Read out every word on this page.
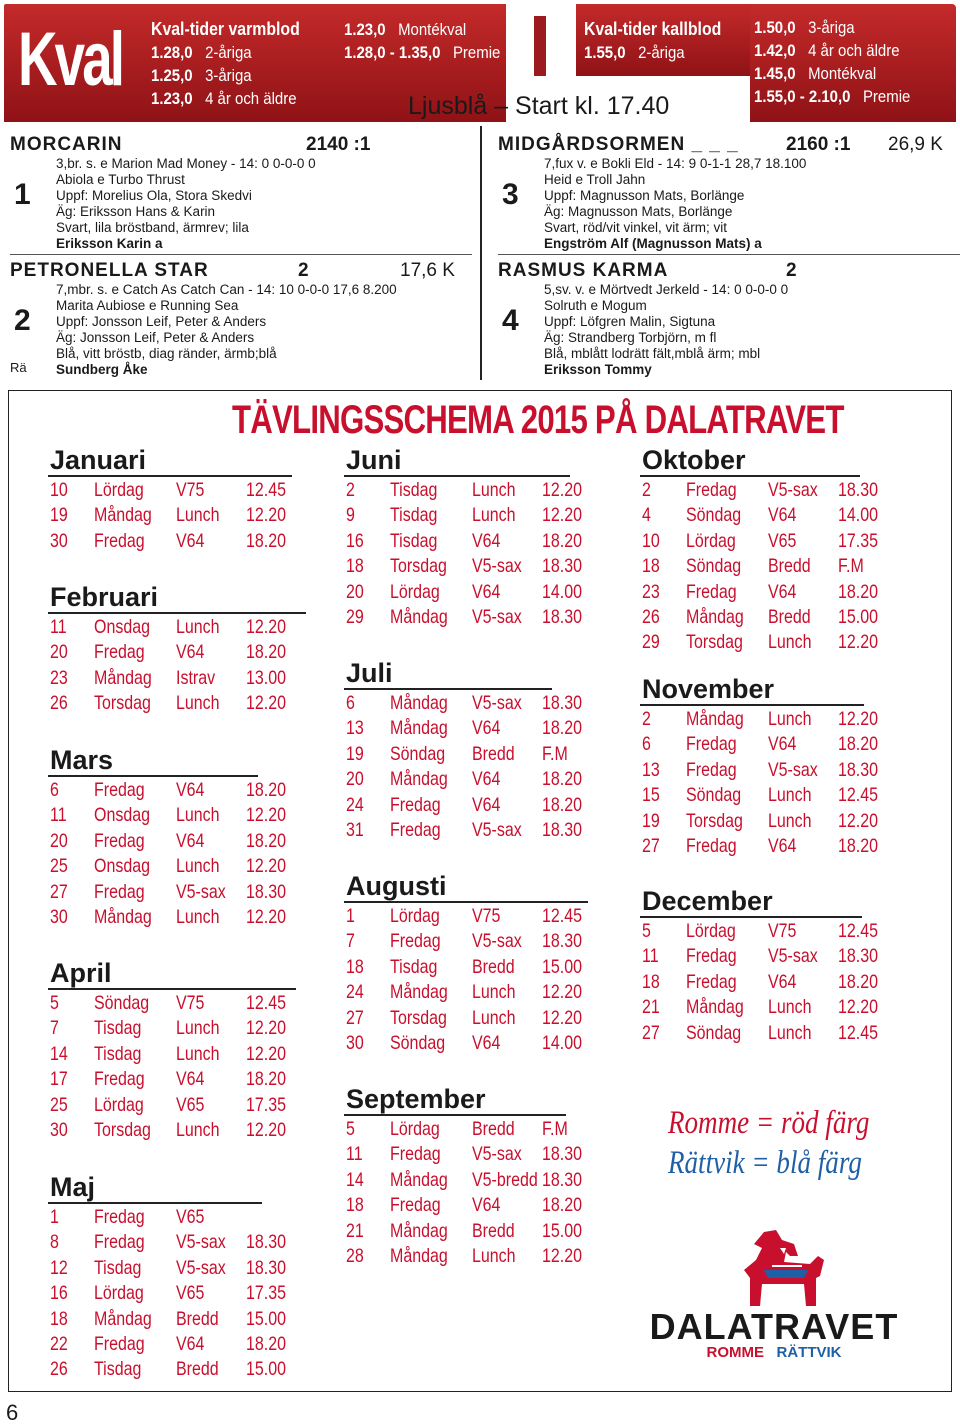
Kval Kval-tider varmblod
1.28,0 2-åriga
1.25,0 3-åriga
1.23,0 4 år och äldre
1.23,0 Montékval
1.28,0 - 1.35,0 Premie
Kval-tider kallblod
1.55,0 2-åriga
1.50,0 3-åriga
1.42,0 4 år och äldre
1.45,0 Montékval
1.55,0 - 2.10,0 Premie
Ljusblå – Start kl. 17.40
MORCARIN	2140 :1
1
3,br. s. e Marion Mad Money - 14: 0 0-0-0 0
Abiola e Turbo Thrust
Uppf: Morelius Ola, Stora Skedvi
Äg: Eriksson Hans & Karin
Svart, lila bröstband, ärmrev; lila
Eriksson Karin a
MIDGÅRDSORMEN _ _ _ 2160 :1 26,9 K
3
7,fux v. e Bokli Eld - 14: 9 0-1-1 28,7 18.100
Heid e Troll Jahn
Uppf: Magnusson Mats, Borlänge
Äg: Magnusson Mats, Borlänge
Svart, röd/vit vinkel, vit ärm; vit
Engström Alf (Magnusson Mats) a
PETRONELLA STAR	2	17,6 K
2
Rä
7,mbr. s. e Catch As Catch Can - 14: 10 0-0-0 17,6 8.200
Marita Aubiose e Running Sea
Uppf: Jonsson Leif, Peter & Anders
Äg: Jonsson Leif, Peter & Anders
Blå, vitt bröstb, diag ränder, ärmb;blå
Sundberg Åke
RASMUS KARMA	2
4
5,sv. v. e Mörtvedt Jerkeld - 14: 0 0-0-0 0
Solruth e Mogum
Uppf: Löfgren Malin, Sigtuna
Äg: Strandberg Torbjörn, m fl
Blå, mblått lodrätt fält,mblå ärm; mbl
Eriksson Tommy
TÄVLINGSSCHEMA 2015 PÅ DALATRAVET
Januari
10 Lördag V75 12.45
19 Måndag Lunch 12.20
30 Fredag V64 18.20
Februari
11 Onsdag Lunch 12.20
20 Fredag V64 18.20
23 Måndag Istrav 13.00
26 Torsdag Lunch 12.20
Mars
6 Fredag V64 18.20
11 Onsdag Lunch 12.20
20 Fredag V64 18.20
25 Onsdag Lunch 12.20
27 Fredag V5-sax 18.30
30 Måndag Lunch 12.20
April
5 Söndag V75 12.45
7 Tisdag Lunch 12.20
14 Tisdag Lunch 12.20
17 Fredag V64 18.20
25 Lördag V65 17.35
30 Torsdag Lunch 12.20
Maj
1 Fredag V65
8 Fredag V5-sax 18.30
12 Tisdag V5-sax 18.30
16 Lördag V65 17.35
18 Måndag Bredd 15.00
22 Fredag V64 18.20
26 Tisdag Bredd 15.00
Juni
2 Tisdag Lunch 12.20
9 Tisdag Lunch 12.20
16 Tisdag V64 18.20
18 Torsdag V5-sax 18.30
20 Lördag V64 14.00
29 Måndag V5-sax 18.30
Juli
6 Måndag V5-sax 18.30
13 Måndag V64 18.20
19 Söndag Bredd F.M
20 Måndag V64 18.20
24 Fredag V64 18.20
31 Fredag V5-sax 18.30
Augusti
1 Lördag V75 12.45
7 Fredag V5-sax 18.30
18 Tisdag Bredd 15.00
24 Måndag Lunch 12.20
27 Torsdag Lunch 12.20
30 Söndag V64 14.00
September
5 Lördag Bredd F.M
11 Fredag V5-sax 18.30
14 Måndag V5-bredd 18.30
18 Fredag V64 18.20
21 Måndag Bredd 15.00
28 Måndag Lunch 12.20
Oktober
2 Fredag V5-sax 18.30
4 Söndag V64 14.00
10 Lördag V65 17.35
18 Söndag Bredd F.M
23 Fredag V64 18.20
26 Måndag Bredd 15.00
29 Torsdag Lunch 12.20
November
2 Måndag Lunch 12.20
6 Fredag V64 18.20
13 Fredag V5-sax 18.30
15 Söndag Lunch 12.45
19 Torsdag Lunch 12.20
27 Fredag V64 18.20
December
5 Lördag V75 12.45
11 Fredag V5-sax 18.30
18 Fredag V64 18.20
21 Måndag Lunch 12.20
27 Söndag Lunch 12.45
Romme = röd färg
Rättvik = blå färg
DALATRAVET
ROMME RÄTTVIK
6
